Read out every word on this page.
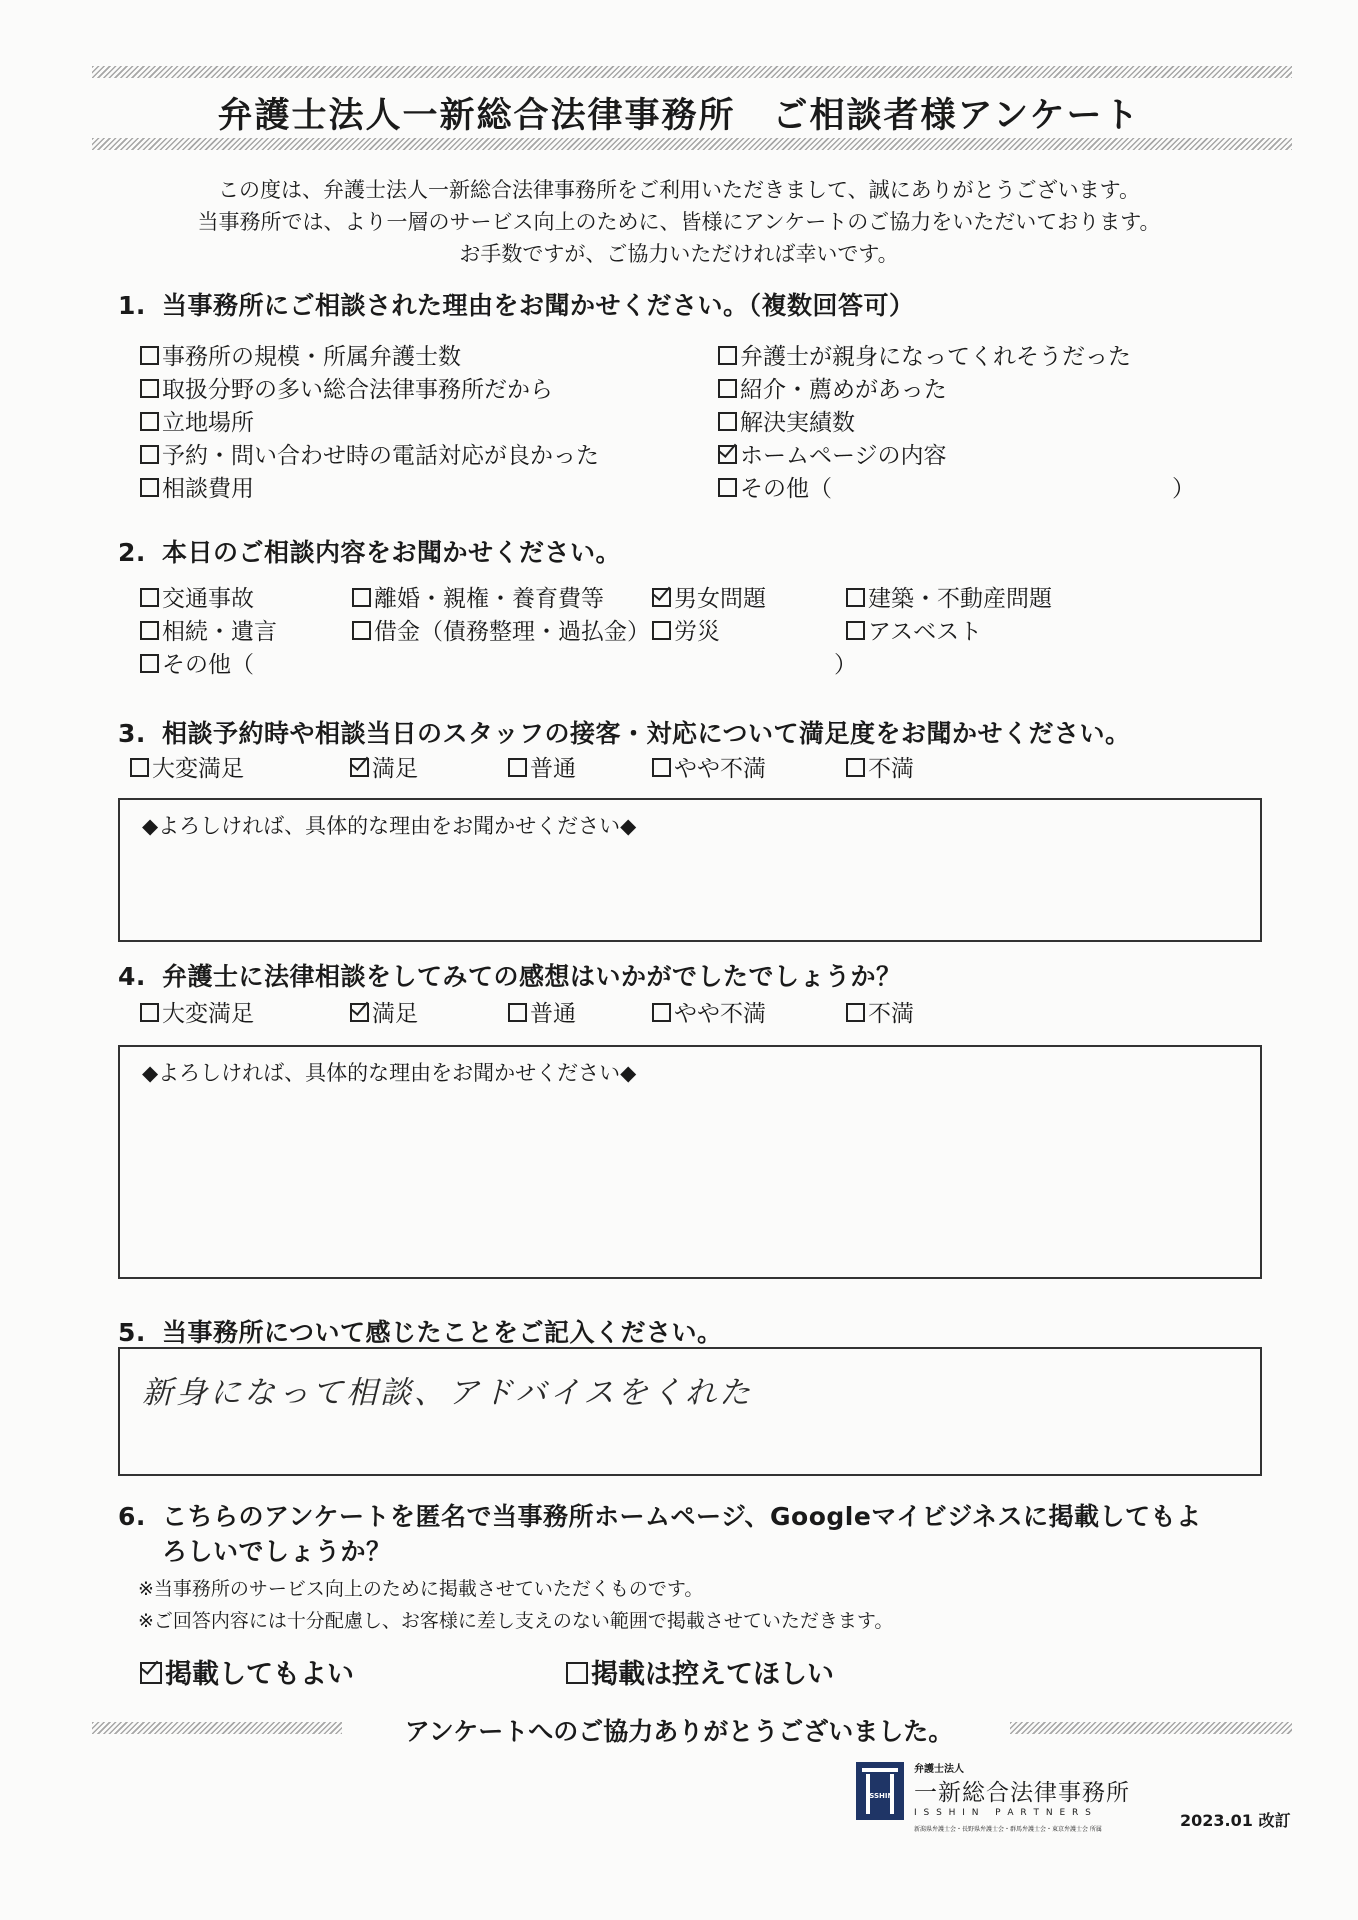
弁護士法人一新総合法律事務所　ご相談者様アンケート
この度は、弁護士法人一新総合法律事務所をご利用いただきまして、誠にありがとうございます。
当事務所では、より一層のサービス向上のために、皆様にアンケートのご協力をいただいております。
お手数ですが、ご協力いただければ幸いです。
1. 当事務所にご相談された理由をお聞かせください。（複数回答可）
事務所の規模・所属弁護士数
取扱分野の多い総合法律事務所だから
立地場所
予約・問い合わせ時の電話対応が良かった
相談費用
弁護士が親身になってくれそうだった
紹介・薦めがあった
解決実績数
ホームページの内容
その他（	）
2. 本日のご相談内容をお聞かせください。
交通事故	離婚・親権・養育費等	男女問題	建築・不動産問題
相続・遺言	借金（債務整理・過払金）	労災	アスベスト
その他（	）
3. 相談予約時や相談当日のスタッフの接客・対応について満足度をお聞かせください。
大変満足	満足	普通	やや不満	不満
◆よろしければ、具体的な理由をお聞かせください◆
4. 弁護士に法律相談をしてみての感想はいかがでしたでしょうか？
大変満足	満足	普通	やや不満	不満
◆よろしければ、具体的な理由をお聞かせください◆
5. 当事務所について感じたことをご記入ください。
新身になって相談、アドバイスをくれた
6. こちらのアンケートを匿名で当事務所ホームページ、Googleマイビジネスに掲載してもよ
ろしいでしょうか？
※当事務所のサービス向上のために掲載させていただくものです。
※ご回答内容には十分配慮し、お客様に差し支えのない範囲で掲載させていただきます。
掲載してもよい	掲載は控えてほしい
アンケートへのご協力ありがとうございました。
ISSHIN
弁護士法人
一新総合法律事務所
I S S H I N   P A R T N E R S
新潟県弁護士会・長野県弁護士会・群馬弁護士会・東京弁護士会 所属	2023.01 改訂
